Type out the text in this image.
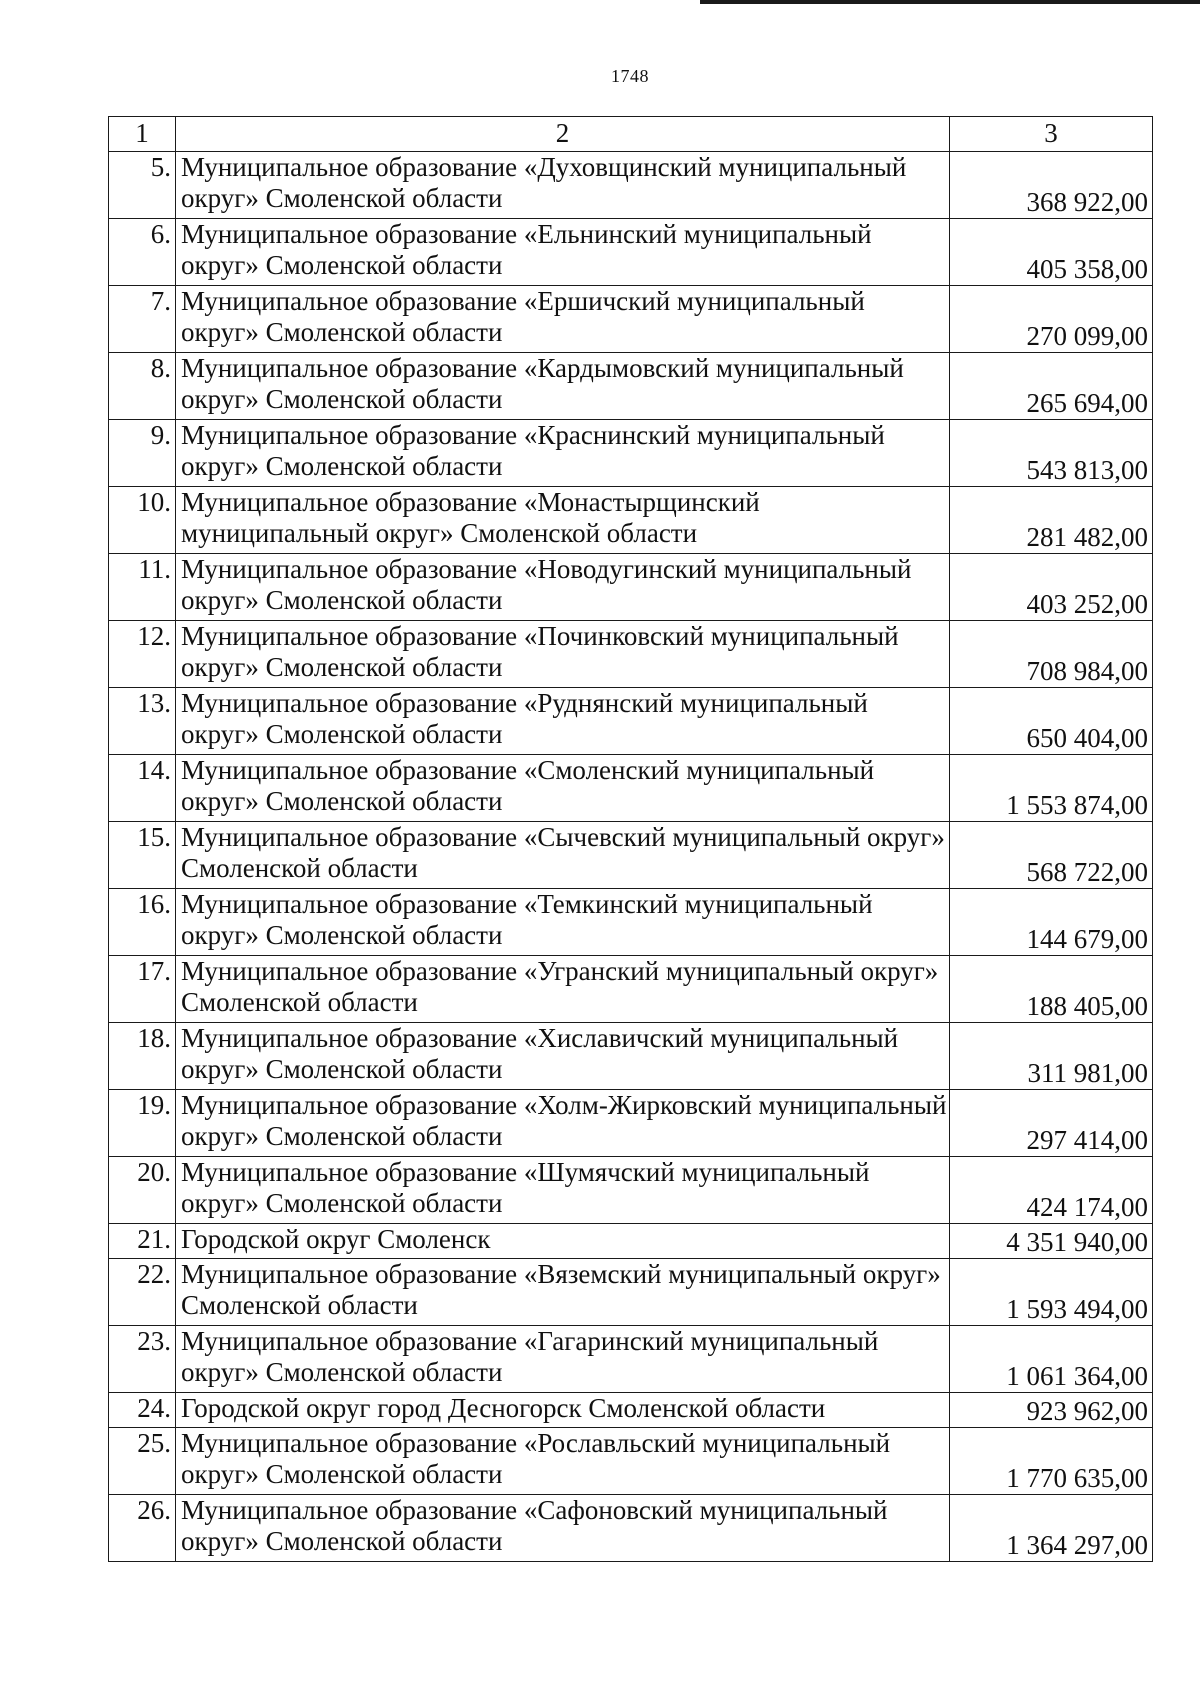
1748
1	2	3
5.	Муниципальное образование «Духовщинский муниципальный округ» Смоленской области	368 922,00
6.	Муниципальное образование «Ельнинский муниципальный округ» Смоленской области	405 358,00
7.	Муниципальное образование «Ершичский муниципальный округ» Смоленской области	270 099,00
8.	Муниципальное образование «Кардымовский муниципальный округ» Смоленской области	265 694,00
9.	Муниципальное образование «Краснинский муниципальный округ» Смоленской области	543 813,00
10.	Муниципальное образование «Монастырщинский муниципальный округ» Смоленской области	281 482,00
11.	Муниципальное образование «Новодугинский муниципальный округ» Смоленской области	403 252,00
12.	Муниципальное образование «Починковский муниципальный округ» Смоленской области	708 984,00
13.	Муниципальное образование «Руднянский муниципальный округ» Смоленской области	650 404,00
14.	Муниципальное образование «Смоленский муниципальный округ» Смоленской области	1 553 874,00
15.	Муниципальное образование «Сычевский муниципальный округ» Смоленской области	568 722,00
16.	Муниципальное образование «Темкинский муниципальный округ» Смоленской области	144 679,00
17.	Муниципальное образование «Угранский муниципальный округ» Смоленской области	188 405,00
18.	Муниципальное образование «Хиславичский муниципальный округ» Смоленской области	311 981,00
19.	Муниципальное образование «Холм-Жирковский муниципальный округ» Смоленской области	297 414,00
20.	Муниципальное образование «Шумячский муниципальный округ» Смоленской области	424 174,00
21.	Городской округ Смоленск	4 351 940,00
22.	Муниципальное образование «Вяземский муниципальный округ» Смоленской области	1 593 494,00
23.	Муниципальное образование «Гагаринский муниципальный округ» Смоленской области	1 061 364,00
24.	Городской округ город Десногорск Смоленской области	923 962,00
25.	Муниципальное образование «Рославльский муниципальный округ» Смоленской области	1 770 635,00
26.	Муниципальное образование «Сафоновский муниципальный округ» Смоленской области	1 364 297,00
